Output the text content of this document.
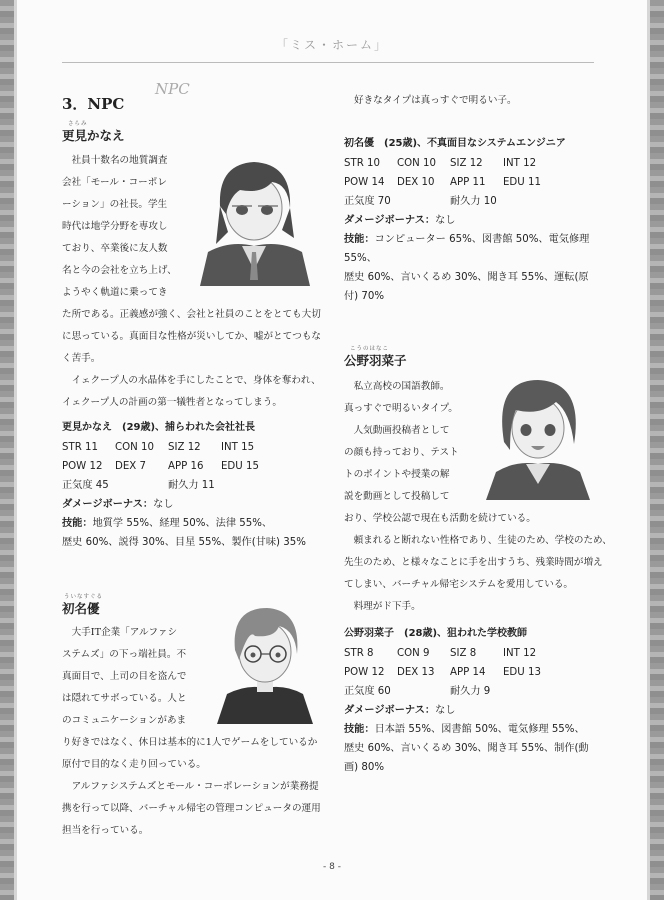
「ミス・ホーム」
3．NPC
NPC
さらみ
更見かなえ
　社員十数名の地質調査
会社「モール・コーポレ
ーション」の社長。学生
時代は地学分野を専攻し
ており、卒業後に友人数
名と今の会社を立ち上げ、
ようやく軌道に乗ってき
た所である。正義感が強く、会社と社員のことをとても大切
に思っている。真面目な性格が災いしてか、嘘がとてつもな
く苦手。
　イェクープ人の水晶体を手にしたことで、身体を奪われ、
イェクープ人の計画の第一犠牲者となってしまう。
更見かなえ　(29歳)、捕らわれた会社社長
STR 11 CON 10 SIZ 12 INT 15
POW 12 DEX 7 APP 16 EDU 15
正気度 45	耐久力 11
ダメージボーナス：なし
技能：地質学 55%、経理 50%、法律 55%、
歴史 60%、説得 30%、目星 55%、製作(甘味) 35%
ういなすぐる
初名優
　大手IT企業「アルファシ
ステムズ」の下っ端社員。不
真面目で、上司の目を盗んで
は隠れてサボっている。人と
のコミュニケーションがあま
り好きではなく、休日は基本的に1人でゲームをしているか
原付で目的なく走り回っている。
　アルファシステムズとモール・コーポレーションが業務提
携を行って以降、バーチャル帰宅の管理コンピュータの運用
担当を行っている。
好きなタイプは真っすぐで明るい子。
初名優　(25歳)、不真面目なシステムエンジニア
STR 10 CON 10 SIZ 12 INT 12
POW 14 DEX 10 APP 11 EDU 11
正気度 70	耐久力 10
ダメージボーナス：なし
技能：コンピューター 65%、図書館 50%、電気修理
55%、
歴史 60%、言いくるめ 30%、聞き耳 55%、運転(原
付) 70%
こうのはなこ
公野羽菜子
　私立高校の国語教師。
真っすぐで明るいタイプ。
　人気動画投稿者として
の顔も持っており、テスト
トのポイントや授業の解
説を動画として投稿して
おり、学校公認で現在も活動を続けている。
　頼まれると断れない性格であり、生徒のため、学校のため、
先生のため、と様々なことに手を出すうち、残業時間が増え
てしまい、バーチャル帰宅システムを愛用している。
　料理がド下手。
公野羽菜子　(28歳)、狙われた学校教師
STR 8 CON 9 SIZ 8	INT 12
POW 12 DEX 13 APP 14 EDU 13
正気度 60	耐久力 9
ダメージボーナス：なし
技能：日本語 55%、図書館 50%、電気修理 55%、
歴史 60%、言いくるめ 30%、聞き耳 55%、制作(動
画) 80%
- 8 -
